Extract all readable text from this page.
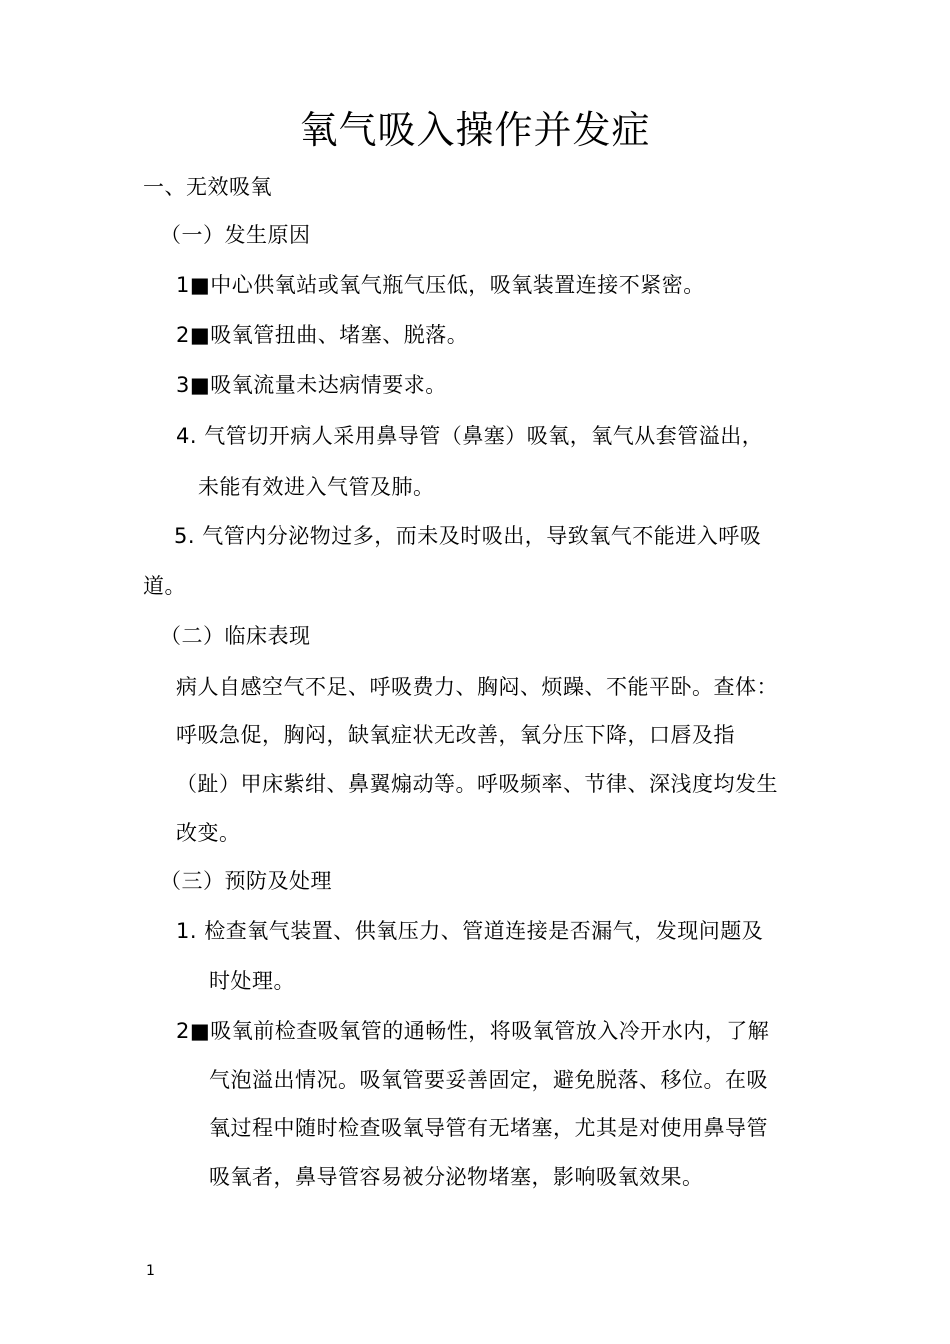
氧气吸入操作并发症
一、无效吸氧
（一）发生原因
1■中心供氧站或氧气瓶气压低，吸氧装置连接不紧密。
2■吸氧管扭曲、堵塞、脱落。
3■吸氧流量未达病情要求。
4. 气管切开病人采用鼻导管（鼻塞）吸氧，氧气从套管溢出，
未能有效进入气管及肺。
5. 气管内分泌物过多，而未及时吸出，导致氧气不能进入呼吸
道。
（二）临床表现
病人自感空气不足、呼吸费力、胸闷、烦躁、不能平卧。查体：
呼吸急促，胸闷，缺氧症状无改善，氧分压下降，口唇及指
（趾）甲床紫绀、鼻翼煽动等。呼吸频率、节律、深浅度均发生
改变。
（三）预防及处理
1. 检查氧气装置、供氧压力、管道连接是否漏气，发现问题及
时处理。
2■吸氧前检查吸氧管的通畅性，将吸氧管放入冷开水内，了解
气泡溢出情况。吸氧管要妥善固定，避免脱落、移位。在吸
氧过程中随时检查吸氧导管有无堵塞，尤其是对使用鼻导管
吸氧者，鼻导管容易被分泌物堵塞，影响吸氧效果。
1
